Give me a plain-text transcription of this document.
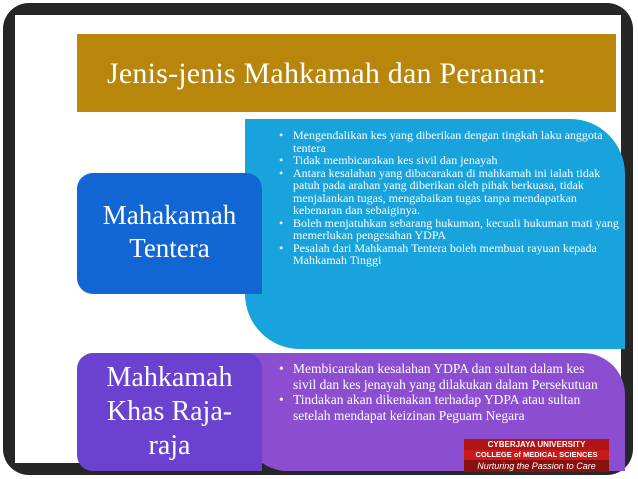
Jenis-jenis Mahkamah dan Peranan:
• Mengendalikan kes yang diberikan dengan tingkah laku anggota tentera
• Tidak membicarakan kes sivil dan jenayah
• Antara kesalahan yang dibacarakan di mahkamah ini ialah tidak patuh pada arahan yang diberikan oleh pihak berkuasa, tidak menjalankan tugas, mengabaikan tugas tanpa mendapatkan kebenaran dan sebaiginya.
• Boleh menjatuhkan sebarang hukuman, kecuali hukuman mati yang memerlukan pengesahan YDPA
• Pesalah dari Mahkamah Tentera boleh membuat rayuan kepada Mahkamah Tinggi
Mahakamah
Tentera
• Membicarakan kesalahan YDPA dan sultan dalam kes sivil dan kes jenayah yang dilakukan dalam Persekutuan
• Tindakan akan dikenakan terhadap YDPA atau sultan setelah mendapat keizinan Peguam Negara
Mahkamah
Khas Raja-
raja	CYBERJAYA UNIVERSITY
COLLEGE of MEDICAL SCIENCES
Nurturing the Passion to Care
